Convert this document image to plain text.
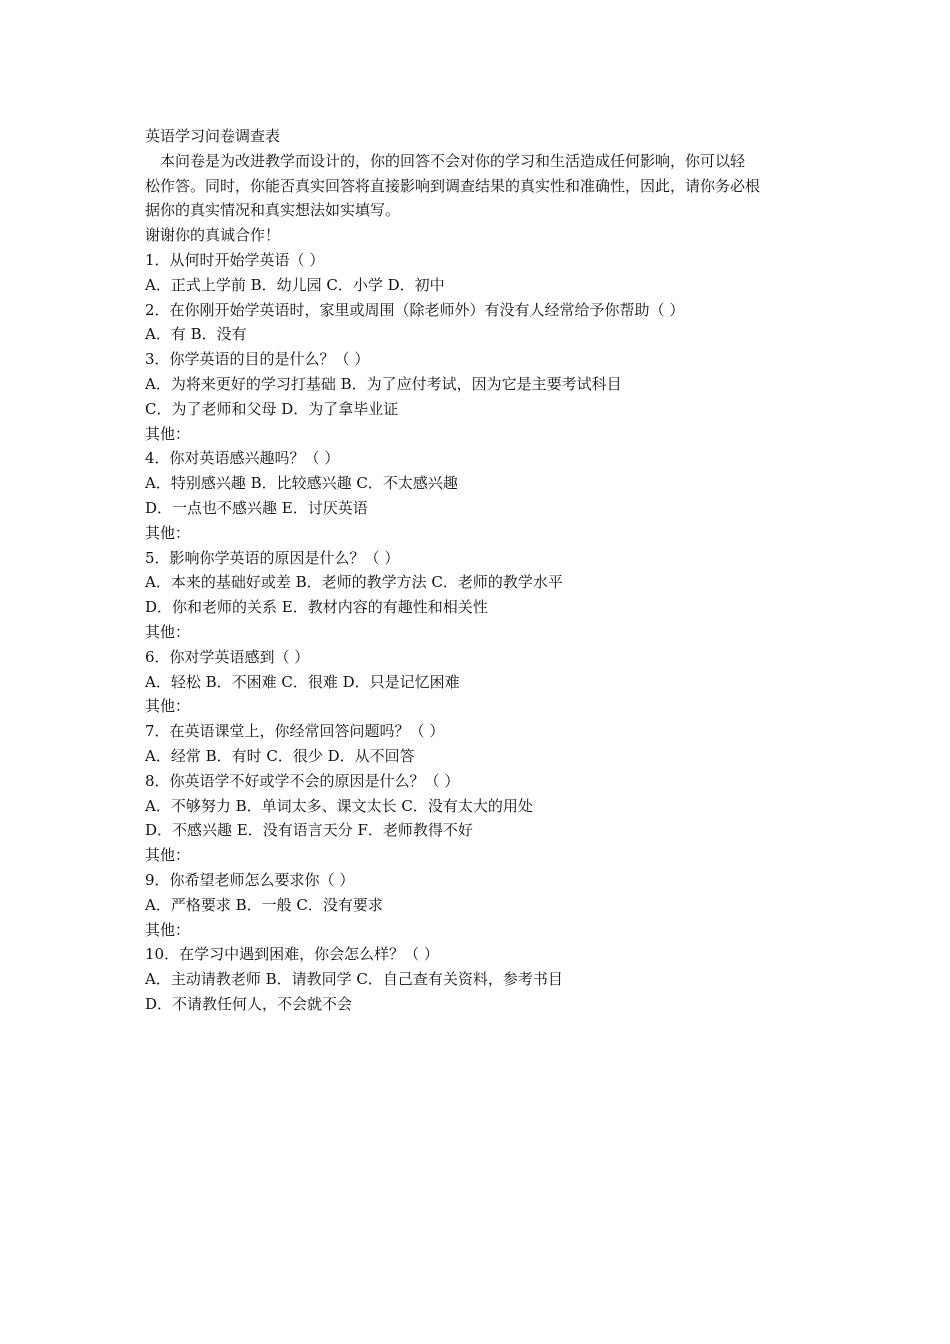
英语学习问卷调查表
本问卷是为改进教学而设计的，你的回答不会对你的学习和生活造成任何影响，你可以轻
松作答。同时，你能否真实回答将直接影响到调查结果的真实性和准确性，因此，请你务必根
据你的真实情况和真实想法如实填写。
谢谢你的真诚合作！
1．从何时开始学英语（ ）
A．正式上学前 B．幼儿园 C．小学 D．初中
2．在你刚开始学英语时，家里或周围（除老师外）有没有人经常给予你帮助（ ）
A．有 B．没有
3．你学英语的目的是什么？（ ）
A．为将来更好的学习打基础 B．为了应付考试，因为它是主要考试科目
C．为了老师和父母 D．为了拿毕业证
其他：
4．你对英语感兴趣吗？（ ）
A．特别感兴趣 B．比较感兴趣 C．不太感兴趣
D．一点也不感兴趣 E．讨厌英语
其他：
5．影响你学英语的原因是什么？（ ）
A．本来的基础好或差 B．老师的教学方法 C．老师的教学水平
D．你和老师的关系 E．教材内容的有趣性和相关性
其他：
6．你对学英语感到（ ）
A．轻松 B．不困难 C．很难 D．只是记忆困难
其他：
7．在英语课堂上，你经常回答问题吗？（ ）
A．经常 B．有时 C．很少 D．从不回答
8．你英语学不好或学不会的原因是什么？（ ）
A．不够努力 B．单词太多、课文太长 C．没有太大的用处
D．不感兴趣 E．没有语言天分 F．老师教得不好
其他：
9．你希望老师怎么要求你（ ）
A．严格要求 B．一般 C．没有要求
其他：
10．在学习中遇到困难，你会怎么样？（ ）
A．主动请教老师 B．请教同学 C．自己查有关资料，参考书目
D．不请教任何人，不会就不会
